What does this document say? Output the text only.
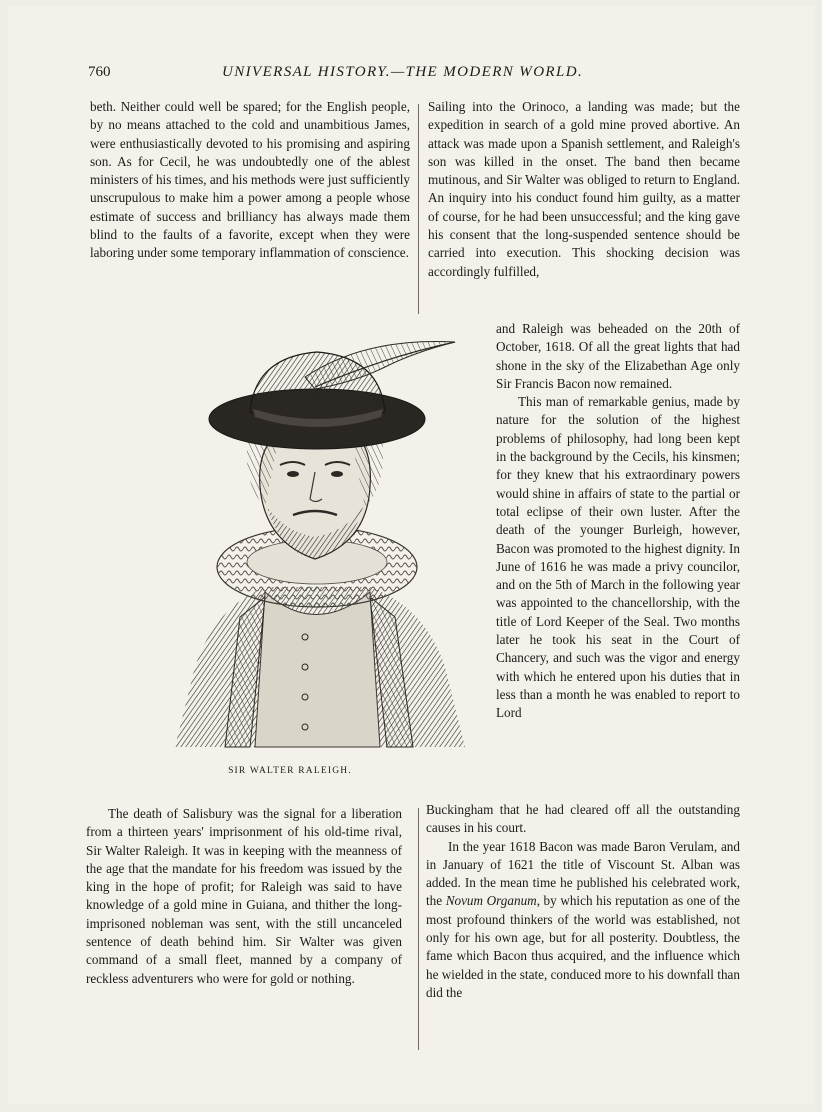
760	UNIVERSAL HISTORY.—THE MODERN WORLD.

beth. Neither could well be spared; for the English people, by no means attached to the cold and unambitious James, were enthusiastically devoted to his promising and aspiring son. As for Cecil, he was undoubtedly one of the ablest ministers of his times, and his methods were just sufficiently unscrupulous to make him a power among a people whose estimate of success and brilliancy has always made them blind to the faults of a favorite, except when they were laboring under some temporary inflammation of conscience.

Sailing into the Orinoco, a landing was made; but the expedition in search of a gold mine proved abortive. An attack was made upon a Spanish settlement, and Raleigh's son was killed in the onset. The band then became mutinous, and Sir Walter was obliged to return to England. An inquiry into his conduct found him guilty, as a matter of course, for he had been unsuccessful; and the king gave his consent that the long-suspended sentence should be carried into execution. This shocking decision was accordingly fulfilled,

and Raleigh was beheaded on the 20th of October, 1618. Of all the great lights that had shone in the sky of the Elizabethan Age only Sir Francis Bacon now remained.

This man of remarkable genius, made by nature for the solution of the highest problems of philosophy, had long been kept in the background by the Cecils, his kinsmen; for they knew that his extraordinary powers would shine in affairs of state to the partial or total eclipse of their own luster. After the death of the younger Burleigh, however, Bacon was promoted to the highest dignity. In June of 1616 he was made a privy councilor, and on the 5th of March in the following year was appointed to the chancellorship, with the title of Lord Keeper of the Seal. Two months later he took his seat in the Court of Chancery, and such was the vigor and energy with which he entered upon his duties that in less than a month he was enabled to report to Lord

SIR WALTER RALEIGH.

The death of Salisbury was the signal for a liberation from a thirteen years' imprisonment of his old-time rival, Sir Walter Raleigh. It was in keeping with the meanness of the age that the mandate for his freedom was issued by the king in the hope of profit; for Raleigh was said to have knowledge of a gold mine in Guiana, and thither the long-imprisoned nobleman was sent, with the still uncanceled sentence of death behind him. Sir Walter was given command of a small fleet, manned by a company of reckless adventurers who were for gold or nothing.

Buckingham that he had cleared off all the outstanding causes in his court.

In the year 1618 Bacon was made Baron Verulam, and in January of 1621 the title of Viscount St. Alban was added. In the mean time he published his celebrated work, the Novum Organum, by which his reputation as one of the most profound thinkers of the world was established, not only for his own age, but for all posterity. Doubtless, the fame which Bacon thus acquired, and the influence which he wielded in the state, conduced more to his downfall than did the
